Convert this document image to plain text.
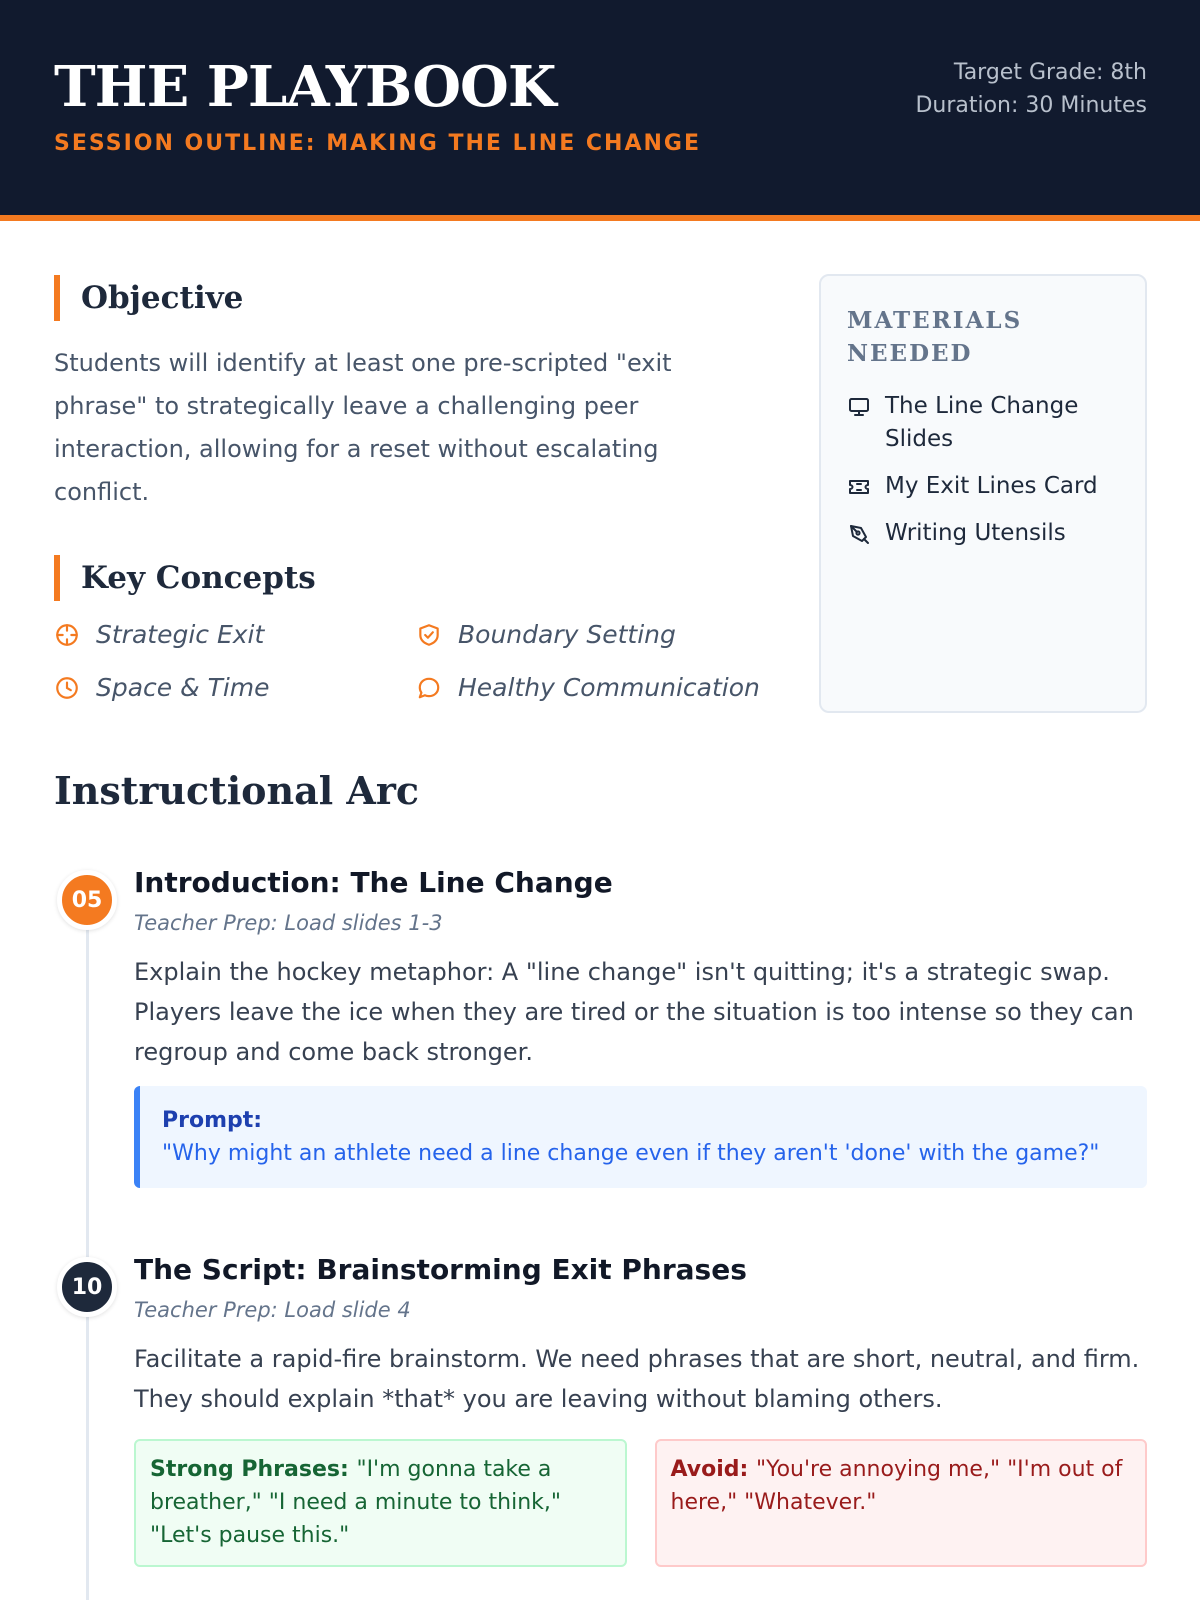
THE PLAYBOOK
SESSION OUTLINE: MAKING THE LINE CHANGE
Target Grade: 8th
Duration: 30 Minutes
Objective
Students will identify at least one pre-scripted "exit phrase" to strategically leave a challenging peer interaction, allowing for a reset without escalating conflict.
Key Concepts
Strategic Exit	Boundary Setting
Space & Time	Healthy Communication
MATERIALS NEEDED
The Line Change Slides
My Exit Lines Card
Writing Utensils
Instructional Arc
05
Introduction: The Line Change
Teacher Prep: Load slides 1-3
Explain the hockey metaphor: A "line change" isn't quitting; it's a strategic swap. Players leave the ice when they are tired or the situation is too intense so they can regroup and come back stronger.
Prompt:
"Why might an athlete need a line change even if they aren't 'done' with the game?"
10
The Script: Brainstorming Exit Phrases
Teacher Prep: Load slide 4
Facilitate a rapid-fire brainstorm. We need phrases that are short, neutral, and firm. They should explain *that* you are leaving without blaming others.
Strong Phrases: "I'm gonna take a breather," "I need a minute to think," "Let's pause this."
Avoid: "You're annoying me," "I'm out of here," "Whatever."
